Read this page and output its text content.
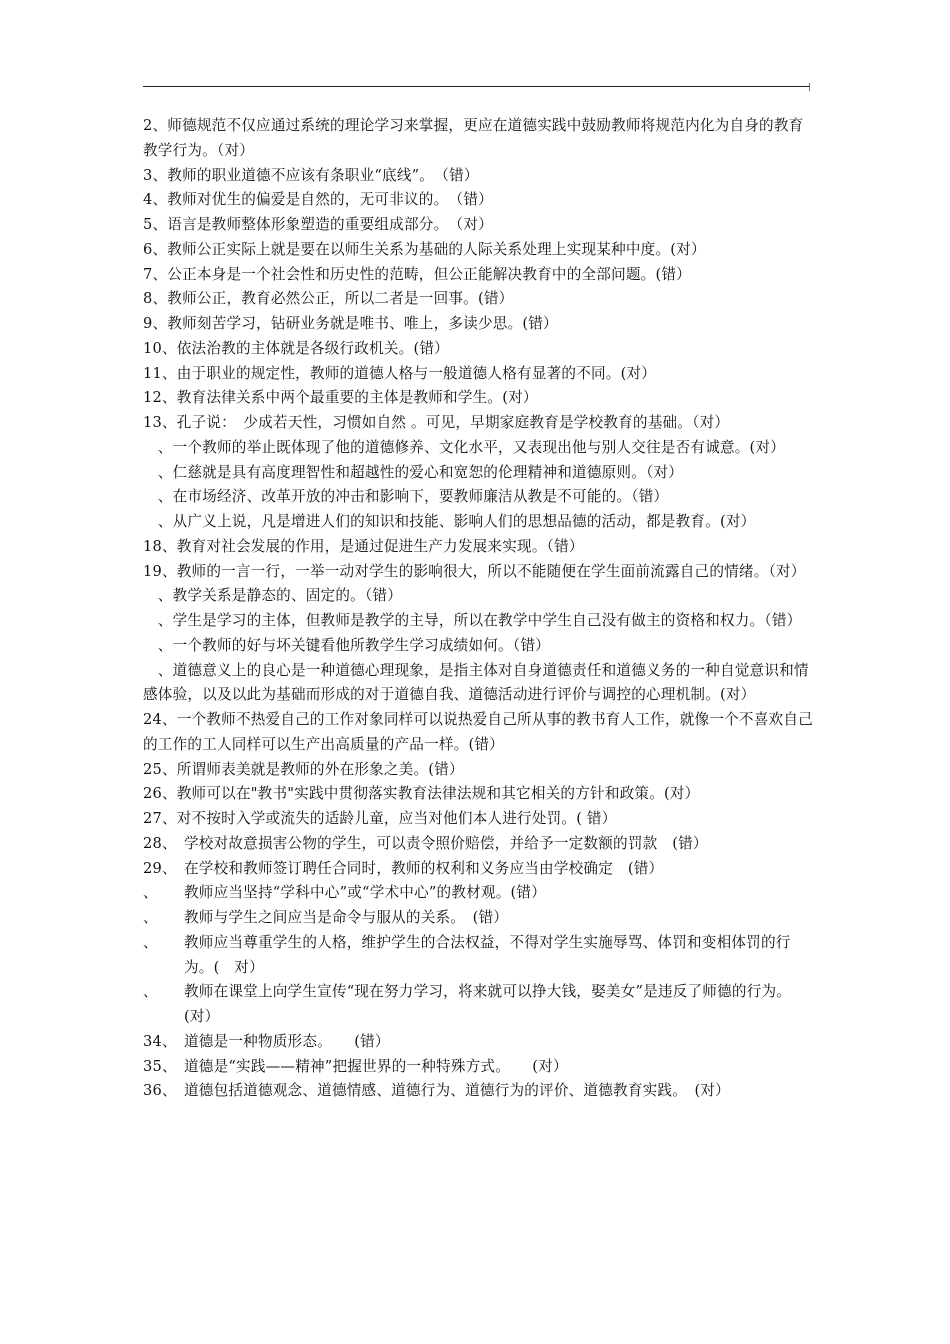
2、师德规范不仅应通过系统的理论学习来掌握，更应在道德实践中鼓励教师将规范内化为自身的教育教学行为。（对）
3、教师的职业道德不应该有条职业“底线”。　（错）
4、教师对优生的偏爱是自然的，无可非议的。　（错）
5、语言是教师整体形象塑造的重要组成部分。　（对）
6、教师公正实际上就是要在以师生关系为基础的人际关系处理上实现某种中度。(对）
7、公正本身是一个社会性和历史性的范畴，但公正能解决教育中的全部问题。(错）
8、教师公正，教育必然公正，所以二者是一回事。(错）
9、教师刻苦学习，钻研业务就是唯书、唯上，多读少思。(错）
10、依法治教的主体就是各级行政机关。(错）
11、由于职业的规定性，教师的道德人格与一般道德人格有显著的不同。(对）
12、教育法律关系中两个最重要的主体是教师和学生。(对）
13、孔子说：　少成若天性，习惯如自然 。可见，早期家庭教育是学校教育的基础。（对）
　、一个教师的举止既体现了他的道德修养、文化水平，又表现出他与别人交往是否有诚意。(对）
　、仁慈就是具有高度理智性和超越性的爱心和宽恕的伦理精神和道德原则。（对）
　、在市场经济、改革开放的冲击和影响下，要教师廉洁从教是不可能的。（错）
　、从广义上说，凡是增进人们的知识和技能、影响人们的思想品德的活动，都是教育。(对）
18、教育对社会发展的作用，是通过促进生产力发展来实现。（错）
19、教师的一言一行，一举一动对学生的影响很大，所以不能随便在学生面前流露自己的情绪。（对）
　、教学关系是静态的、固定的。（错）
　、学生是学习的主体，但教师是教学的主导，所以在教学中学生自己没有做主的资格和权力。（错）
　、一个教师的好与坏关键看他所教学生学习成绩如何。（错）
　、道德意义上的良心是一种道德心理现象，是指主体对自身道德责任和道德义务的一种自觉意识和情感体验，以及以此为基础而形成的对于道德自我、道德活动进行评价与调控的心理机制。(对）
24、一个教师不热爱自己的工作对象同样可以说热爱自己所从事的教书育人工作，就像一个不喜欢自己的工作的工人同样可以生产出高质量的产品一样。(错）
25、所谓师表美就是教师的外在形象之美。(错）
26、教师可以在"教书"实践中贯彻落实教育法律法规和其它相关的方针和政策。(对）
27、对不按时入学或流失的适龄儿童，应当对他们本人进行处罚。( 错）
28、 学校对故意损害公物的学生，可以责令照价赔偿，并给予一定数额的罚款　(错）
29、 在学校和教师签订聘任合同时，教师的权利和义务应当由学校确定　(错）
、 教师应当坚持“学科中心”或“学术中心”的教材观。(错）
、 教师与学生之间应当是命令与服从的关系。　(错）
、 教师应当尊重学生的人格，维护学生的合法权益，不得对学生实施辱骂、体罚和变相体罚的行为。(　对）
、 教师在课堂上向学生宣传“现在努力学习，将来就可以挣大钱，娶美女”是违反了师德的行为。(对）
34、 道德是一种物质形态。　　(错）
35、 道德是“实践——精神”把握世界的一种特殊方式。　　(对）
36、 道德包括道德观念、道德情感、道德行为、道德行为的评价、道德教育实践。　(对）
